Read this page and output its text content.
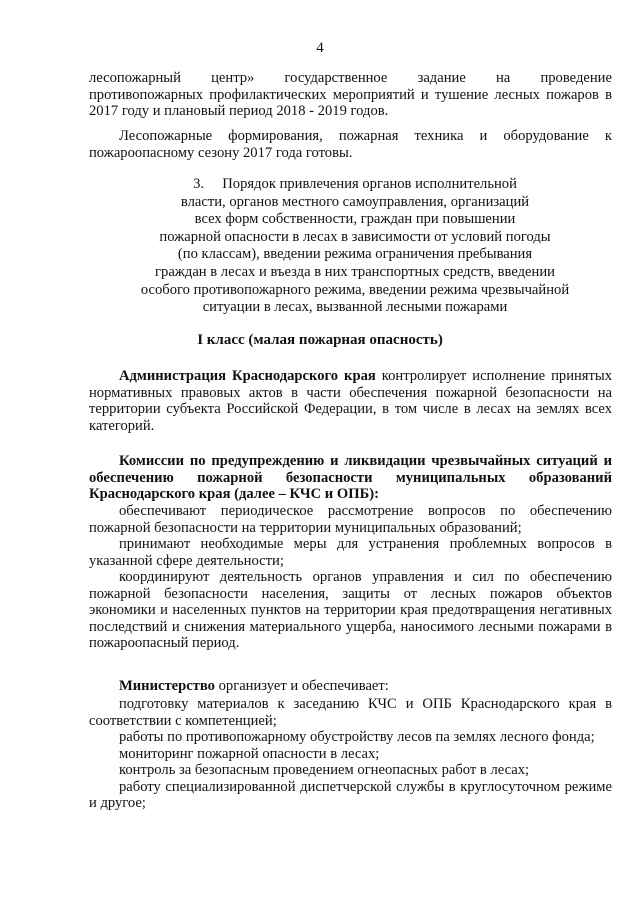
4
лесопожарный центр» государственное задание на проведение

противопожарных профилактических мероприятий и тушение лесных пожаров в 2017 году и плановый период 2018 - 2019 годов.

Лесопожарные формирования, пожарная техника и оборудование к пожароопасному сезону 2017 года готовы.
3.     Порядок привлечения органов исполнительной
власти, органов местного самоуправления, организаций
всех форм собственности, граждан при повышении
пожарной опасности в лесах в зависимости от условий погоды
(по классам), введении режима ограничения пребывания
граждан в лесах и въезда в них транспортных средств, введении
особого противопожарного режима, введении режима чрезвычайной
ситуации в лесах, вызванной лесными пожарами
I класс (малая пожарная опасность)
Администрация Краснодарского края контролирует исполнение принятых нормативных правовых актов в части обеспечения пожарной безопасности на территории субъекта Российской Федерации, в том числе в лесах на землях всех категорий.
Комиссии по предупреждению и ликвидации чрезвычайных ситуаций и обеспечению пожарной безопасности муниципальных образований Краснодарского края (далее – КЧС и ОПБ):

обеспечивают периодическое рассмотрение вопросов по обеспечению пожарной безопасности на территории муниципальных образований;

принимают необходимые меры для устранения проблемных вопросов в указанной сфере деятельности;

координируют деятельность органов управления и сил по обеспечению пожарной безопасности населения, защиты от лесных пожаров объектов экономики и населенных пунктов на территории края предотвращения негативных последствий и снижения материального ущерба, наносимого лесными пожарами в пожароопасный период.

Министерство организует и обеспечивает:

подготовку материалов к заседанию КЧС и ОПБ Краснодарского края в соответствии с компетенцией;

работы по противопожарному обустройству лесов па землях лесного фонда;

мониторинг пожарной опасности в лесах;

контроль за безопасным проведением огнеопасных работ в лесах;

работу специализированной диспетчерской службы в круглосуточном режиме и другое;
